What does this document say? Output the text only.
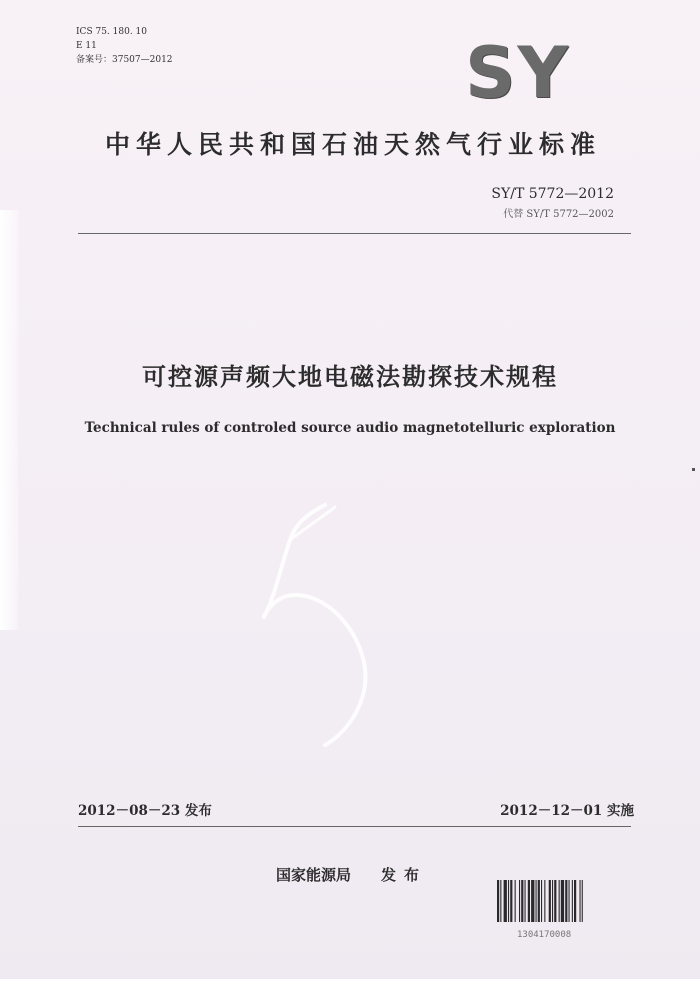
ICS 75. 180. 10
E 11
备案号：37507—2012	SY
中华人民共和国石油天然气行业标准
SY/T 5772—2012
代替 SY/T 5772—2002
可控源声频大地电磁法勘探技术规程
Technical rules of controled source audio magnetotelluric exploration
2012－08－23 发布	2012－12－01 实施
国家能源局 发布
1304170008
